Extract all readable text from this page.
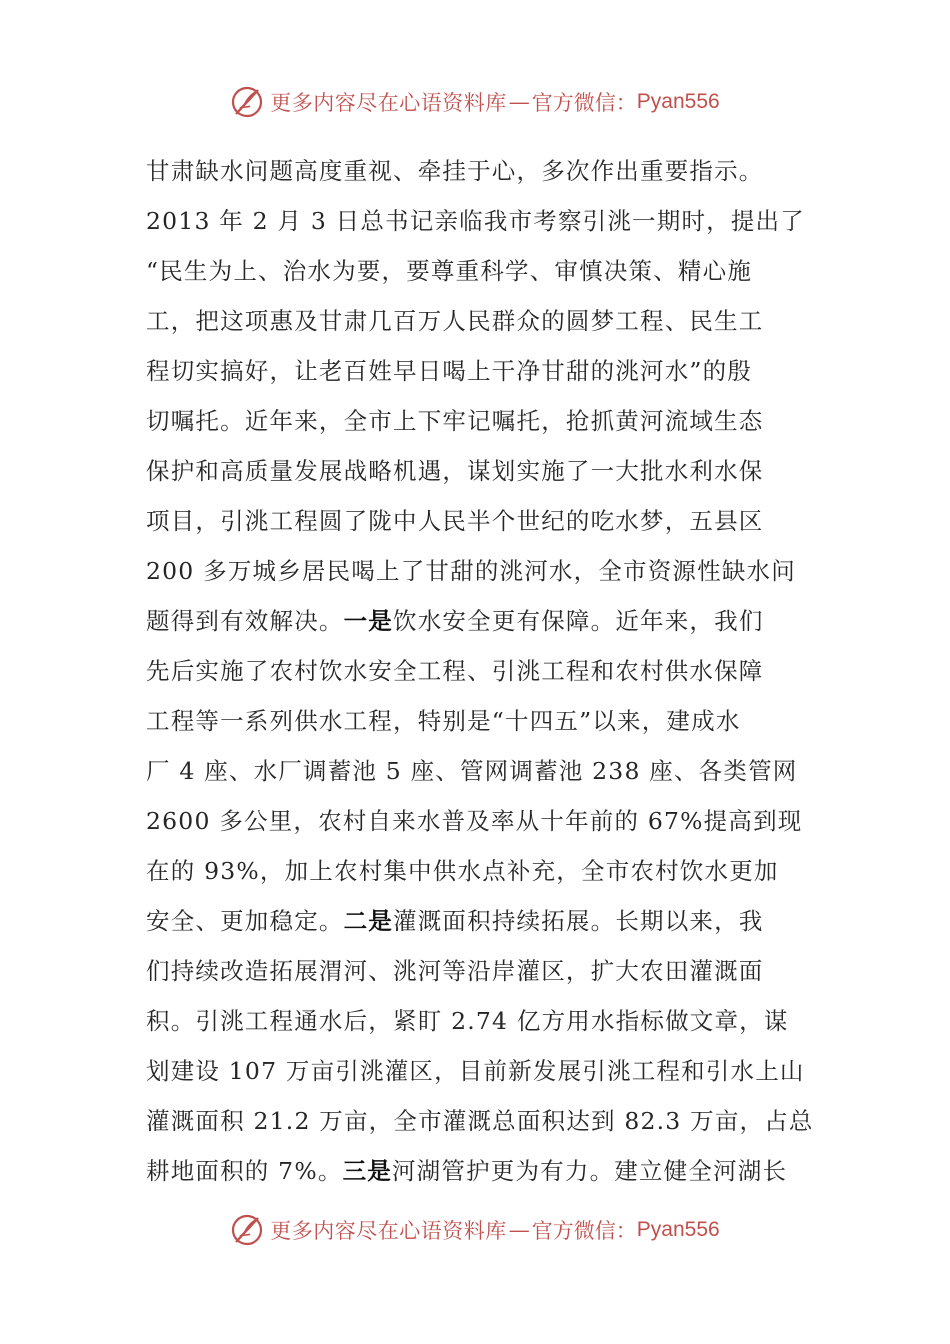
更多内容尽在心语资料库 — 官方微信： Pyan556
甘肃缺水问题高度重视、牵挂于心，多次作出重要指示。
2013 年 2 月 3 日总书记亲临我市考察引洮一期时，提出了
“民生为上、治水为要，要尊重科学、审慎决策、精心施
工，把这项惠及甘肃几百万人民群众的圆梦工程、民生工
程切实搞好，让老百姓早日喝上干净甘甜的洮河水”的殷
切嘱托。近年来，全市上下牢记嘱托，抢抓黄河流域生态
保护和高质量发展战略机遇，谋划实施了一大批水利水保
项目，引洮工程圆了陇中人民半个世纪的吃水梦，五县区
200 多万城乡居民喝上了甘甜的洮河水，全市资源性缺水问
题得到有效解决。一是饮水安全更有保障。近年来，我们
先后实施了农村饮水安全工程、引洮工程和农村供水保障
工程等一系列供水工程，特别是“十四五”以来，建成水
厂 4 座、水厂调蓄池 5 座、管网调蓄池 238 座、各类管网
2600 多公里，农村自来水普及率从十年前的 67%提高到现
在的 93%，加上农村集中供水点补充，全市农村饮水更加
安全、更加稳定。二是灌溉面积持续拓展。长期以来，我
们持续改造拓展渭河、洮河等沿岸灌区，扩大农田灌溉面
积。引洮工程通水后，紧盯 2.74 亿方用水指标做文章，谋
划建设 107 万亩引洮灌区，目前新发展引洮工程和引水上山
灌溉面积 21.2 万亩，全市灌溉总面积达到 82.3 万亩，占总
耕地面积的 7%。三是河湖管护更为有力。建立健全河湖长
更多内容尽在心语资料库 — 官方微信： Pyan556
